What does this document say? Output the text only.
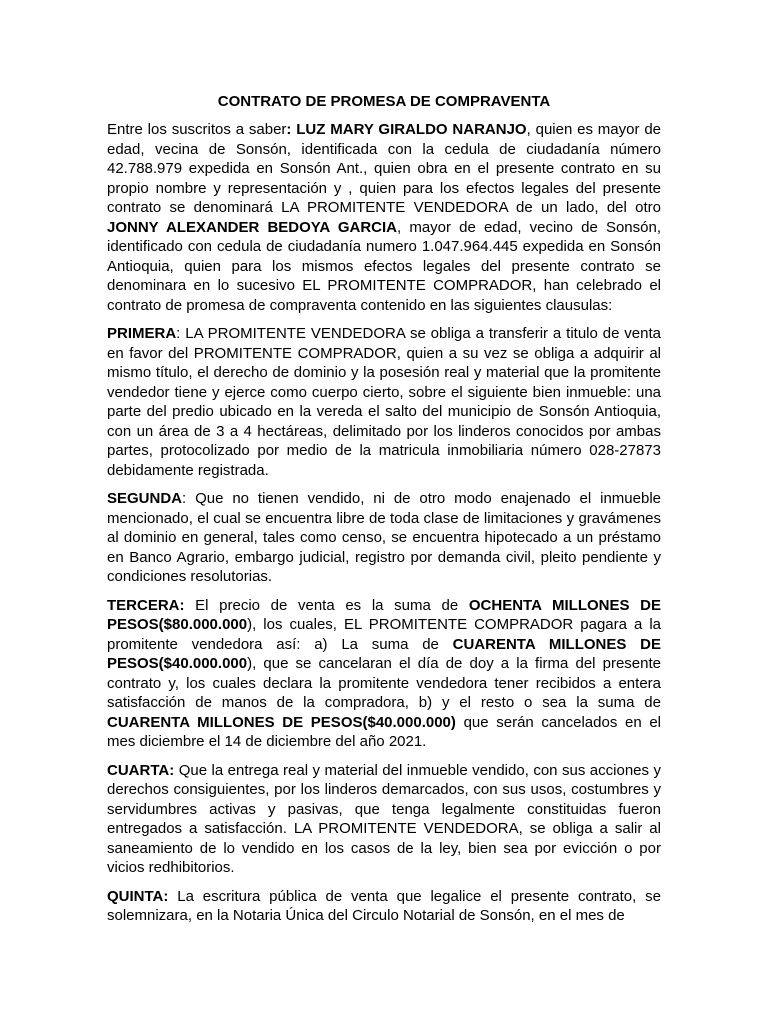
CONTRATO DE PROMESA DE COMPRAVENTA

Entre los suscritos a saber: LUZ MARY GIRALDO NARANJO, quien es mayor de edad, vecina de Sonsón, identificada con la cedula de ciudadanía número 42.788.979 expedida en Sonsón Ant., quien obra en el presente contrato en su propio nombre y representación y , quien para los efectos legales del presente contrato se denominará LA PROMITENTE VENDEDORA de un lado, del otro JONNY ALEXANDER BEDOYA GARCIA, mayor de edad, vecino de Sonsón, identificado con cedula de ciudadanía numero 1.047.964.445 expedida en Sonsón Antioquia, quien para los mismos efectos legales del presente contrato se denominara en lo sucesivo EL PROMITENTE COMPRADOR, han celebrado el contrato de promesa de compraventa contenido en las siguientes clausulas:

PRIMERA: LA PROMITENTE VENDEDORA se obliga a transferir a titulo de venta en favor del PROMITENTE COMPRADOR, quien a su vez se obliga a adquirir al mismo título, el derecho de dominio y la posesión real y material que la promitente vendedor tiene y ejerce como cuerpo cierto, sobre el siguiente bien inmueble: una parte del predio ubicado en la vereda el salto del municipio de Sonsón Antioquia, con un área de 3 a 4 hectáreas, delimitado por los linderos conocidos por ambas partes, protocolizado por medio de la matricula inmobiliaria número 028-27873 debidamente registrada.

SEGUNDA: Que no tienen vendido, ni de otro modo enajenado el inmueble mencionado, el cual se encuentra libre de toda clase de limitaciones y gravámenes al dominio en general, tales como censo, se encuentra hipotecado a un préstamo en Banco Agrario, embargo judicial, registro por demanda civil, pleito pendiente y condiciones resolutorias.

TERCERA: El precio de venta es la suma de OCHENTA MILLONES DE PESOS($80.000.000), los cuales, EL PROMITENTE COMPRADOR pagara a la promitente vendedora así: a) La suma de CUARENTA MILLONES DE PESOS($40.000.000), que se cancelaran el día de doy a la firma del presente contrato y, los cuales declara la promitente vendedora tener recibidos a entera satisfacción de manos de la compradora, b) y el resto o sea la suma de CUARENTA MILLONES DE PESOS($40.000.000) que serán cancelados en el mes diciembre el 14 de diciembre del año 2021.

CUARTA: Que la entrega real y material del inmueble vendido, con sus acciones y derechos consiguientes, por los linderos demarcados, con sus usos, costumbres y servidumbres activas y pasivas, que tenga legalmente constituidas fueron entregados a satisfacción. LA PROMITENTE VENDEDORA, se obliga a salir al saneamiento de lo vendido en los casos de la ley, bien sea por evicción o por vicios redhibitorios.

QUINTA: La escritura pública de venta que legalice el presente contrato, se solemnizara, en la Notaria Única del Circulo Notarial de Sonsón, en el mes de
